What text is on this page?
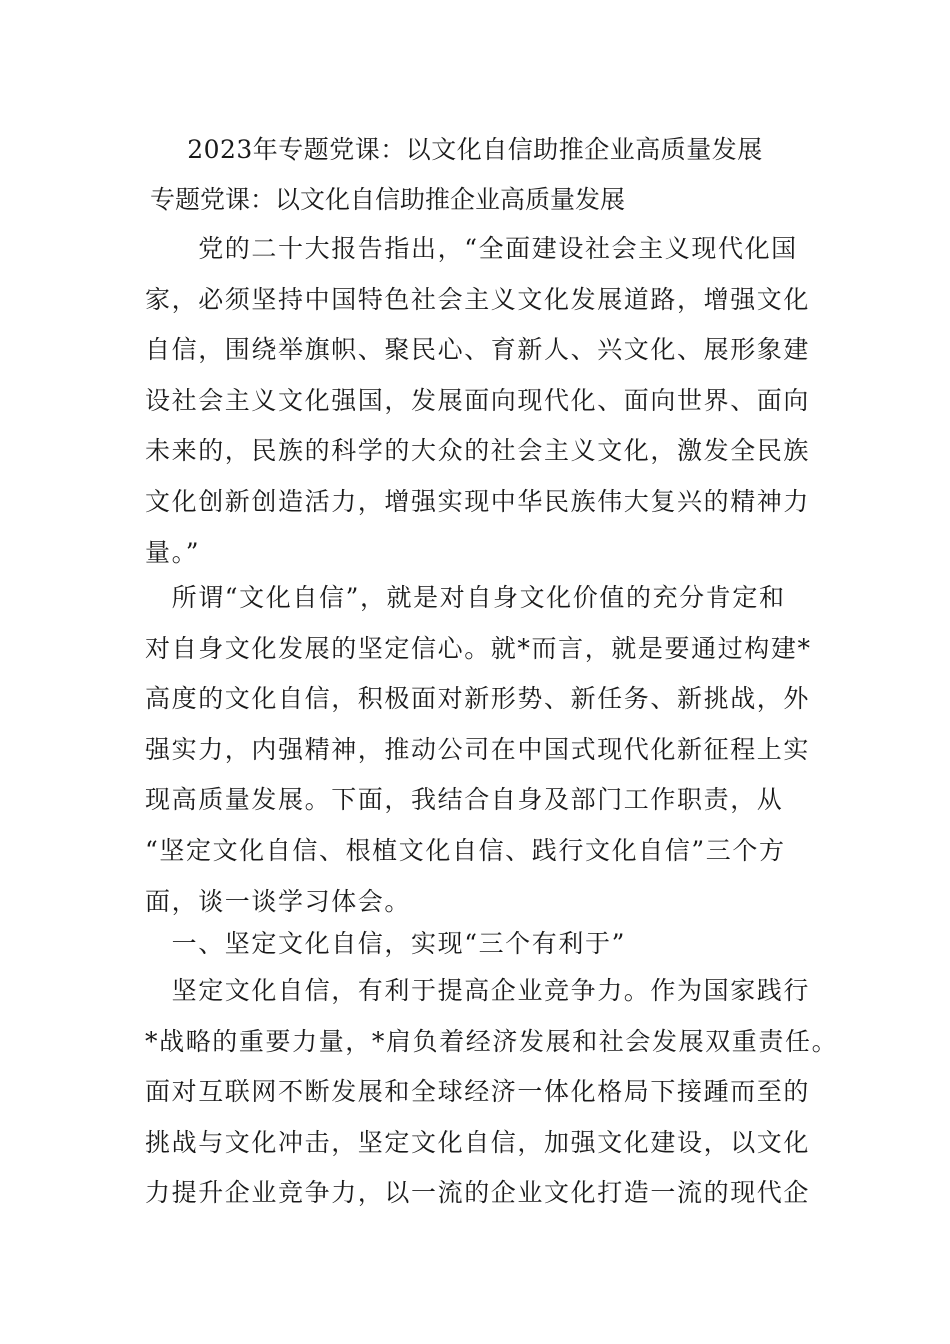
2023年专题党课：以文化自信助推企业高质量发展
专题党课：以文化自信助推企业高质量发展
　　党的二十大报告指出，“全面建设社会主义现代化国
家，必须坚持中国特色社会主义文化发展道路，增强文化
自信，围绕举旗帜、聚民心、育新人、兴文化、展形象建
设社会主义文化强国，发展面向现代化、面向世界、面向
未来的，民族的科学的大众的社会主义文化，激发全民族
文化创新创造活力，增强实现中华民族伟大复兴的精神力
量。”
　所谓“文化自信”，就是对自身文化价值的充分肯定和
对自身文化发展的坚定信心。就*而言，就是要通过构建*
高度的文化自信，积极面对新形势、新任务、新挑战，外
强实力，内强精神，推动公司在中国式现代化新征程上实
现高质量发展。下面，我结合自身及部门工作职责，从
“坚定文化自信、根植文化自信、践行文化自信”三个方
面，谈一谈学习体会。
　一、坚定文化自信，实现“三个有利于”
　坚定文化自信，有利于提高企业竞争力。作为国家践行
*战略的重要力量，*肩负着经济发展和社会发展双重责任。
面对互联网不断发展和全球经济一体化格局下接踵而至的
挑战与文化冲击，坚定文化自信，加强文化建设，以文化
力提升企业竞争力，以一流的企业文化打造一流的现代企
